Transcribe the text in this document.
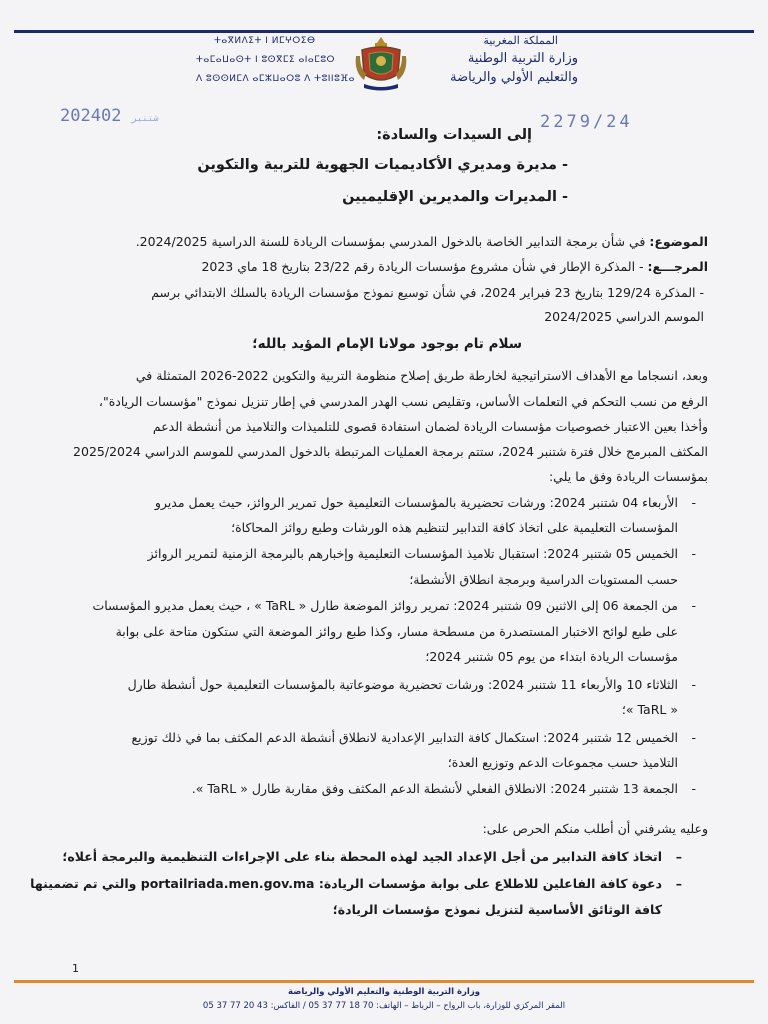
ⵜⴰⴳⵍⴷⵉⵜ ⵏ ⵍⵎⵖⵔⵉⴱ
ⵜⴰⵎⴰⵡⴰⵙⵜ ⵏ ⵓⵙⴳⵎⵉ ⴰⵏⴰⵎⵓⵔ
ⴷ ⵓⵙⵙⵍⵎⴷ ⴰⵎⵣⵡⴰⵔⵓ ⴷ ⵜⵓⵏⵏⵓⴼⴰ
المملكة المغربية
وزارة التربية الوطنية
والتعليم الأولي والرياضة
2024	شتنبر02	2279/24
إلى السيدات والسادة:
- مديرة ومديري الأكاديميات الجهوية للتربية والتكوين
- المديرات والمديرين الإقليميين
الموضوع: في شأن برمجة التدابير الخاصة بالدخول المدرسي بمؤسسات الريادة للسنة الدراسية 2024/2025.
المرجـــع: - المذكرة الإطار في شأن مشروع مؤسسات الريادة رقم 23/22 بتاريخ 18 ماي 2023
- المذكرة 129/24 بتاريخ 23 فبراير 2024، في شأن توسيع نموذج مؤسسات الريادة بالسلك الابتدائي برسم
الموسم الدراسي 2024/2025
سلام تام بوجود مولانا الإمام المؤيد بالله؛
وبعد، انسجاما مع الأهداف الاستراتيجية لخارطة طريق إصلاح منظومة التربية والتكوين 2022-2026 المتمثلة في
الرفع من نسب التحكم في التعلمات الأساس، وتقليص نسب الهدر المدرسي في إطار تنزيل نموذج "مؤسسات الريادة"،
وأخذا بعين الاعتبار خصوصيات مؤسسات الريادة لضمان استفادة قصوى للتلميذات والتلاميذ من أنشطة الدعم
المكثف المبرمج خلال فترة شتنبر 2024، ستتم برمجة العمليات المرتبطة بالدخول المدرسي للموسم الدراسي 2025/2024
بمؤسسات الريادة وفق ما يلي:
-
الأربعاء 04 شتنبر 2024: ورشات تحضيرية بالمؤسسات التعليمية حول تمرير الروائز، حيث يعمل مديرو
المؤسسات التعليمية على اتخاذ كافة التدابير لتنظيم هذه الورشات وطبع روائز المحاكاة؛
-
الخميس 05 شتنبر 2024: استقبال تلاميذ المؤسسات التعليمية وإخبارهم بالبرمجة الزمنية لتمرير الروائز
حسب المستويات الدراسية وبرمجة انطلاق الأنشطة؛
-
من الجمعة 06 إلى الاثنين 09 شتنبر 2024: تمرير روائز الموضعة طارل « TaRL » ، حيث يعمل مديرو المؤسسات
على طبع لوائح الاختبار المستصدرة من مسطحة مسار، وكذا طبع روائز الموضعة التي ستكون متاحة على بوابة
مؤسسات الريادة ابتداء من يوم 05 شتنبر 2024؛
-
الثلاثاء 10 والأربعاء 11 شتنبر 2024: ورشات تحضيرية موضوعاتية بالمؤسسات التعليمية حول أنشطة طارل
« TaRL »؛
-
الخميس 12 شتنبر 2024: استكمال كافة التدابير الإعدادية لانطلاق أنشطة الدعم المكثف بما في ذلك توزيع
التلاميذ حسب مجموعات الدعم وتوزيع العدة؛
-
الجمعة 13 شتنبر 2024: الانطلاق الفعلي لأنشطة الدعم المكثف وفق مقاربة طارل « TaRL ».
وعليه يشرفني أن أطلب منكم الحرص على:
–
اتخاذ كافة التدابير من أجل الإعداد الجيد لهذه المحطة بناء على الإجراءات التنظيمية والبرمجة أعلاه؛
–
دعوة كافة الفاعلين للاطلاع على بوابة مؤسسات الريادة: portailriada.men.gov.ma والتي تم تضمينها
كافة الوثائق الأساسية لتنزيل نموذج مؤسسات الريادة؛
1
وزارة التربية الوطنية والتعليم الأولي والرياضة
المقر المركزي للوزارة، باب الرواح – الرباط – الهاتف: 70 18 77 37 05 / الفاكس: 43 20 77 37 05
